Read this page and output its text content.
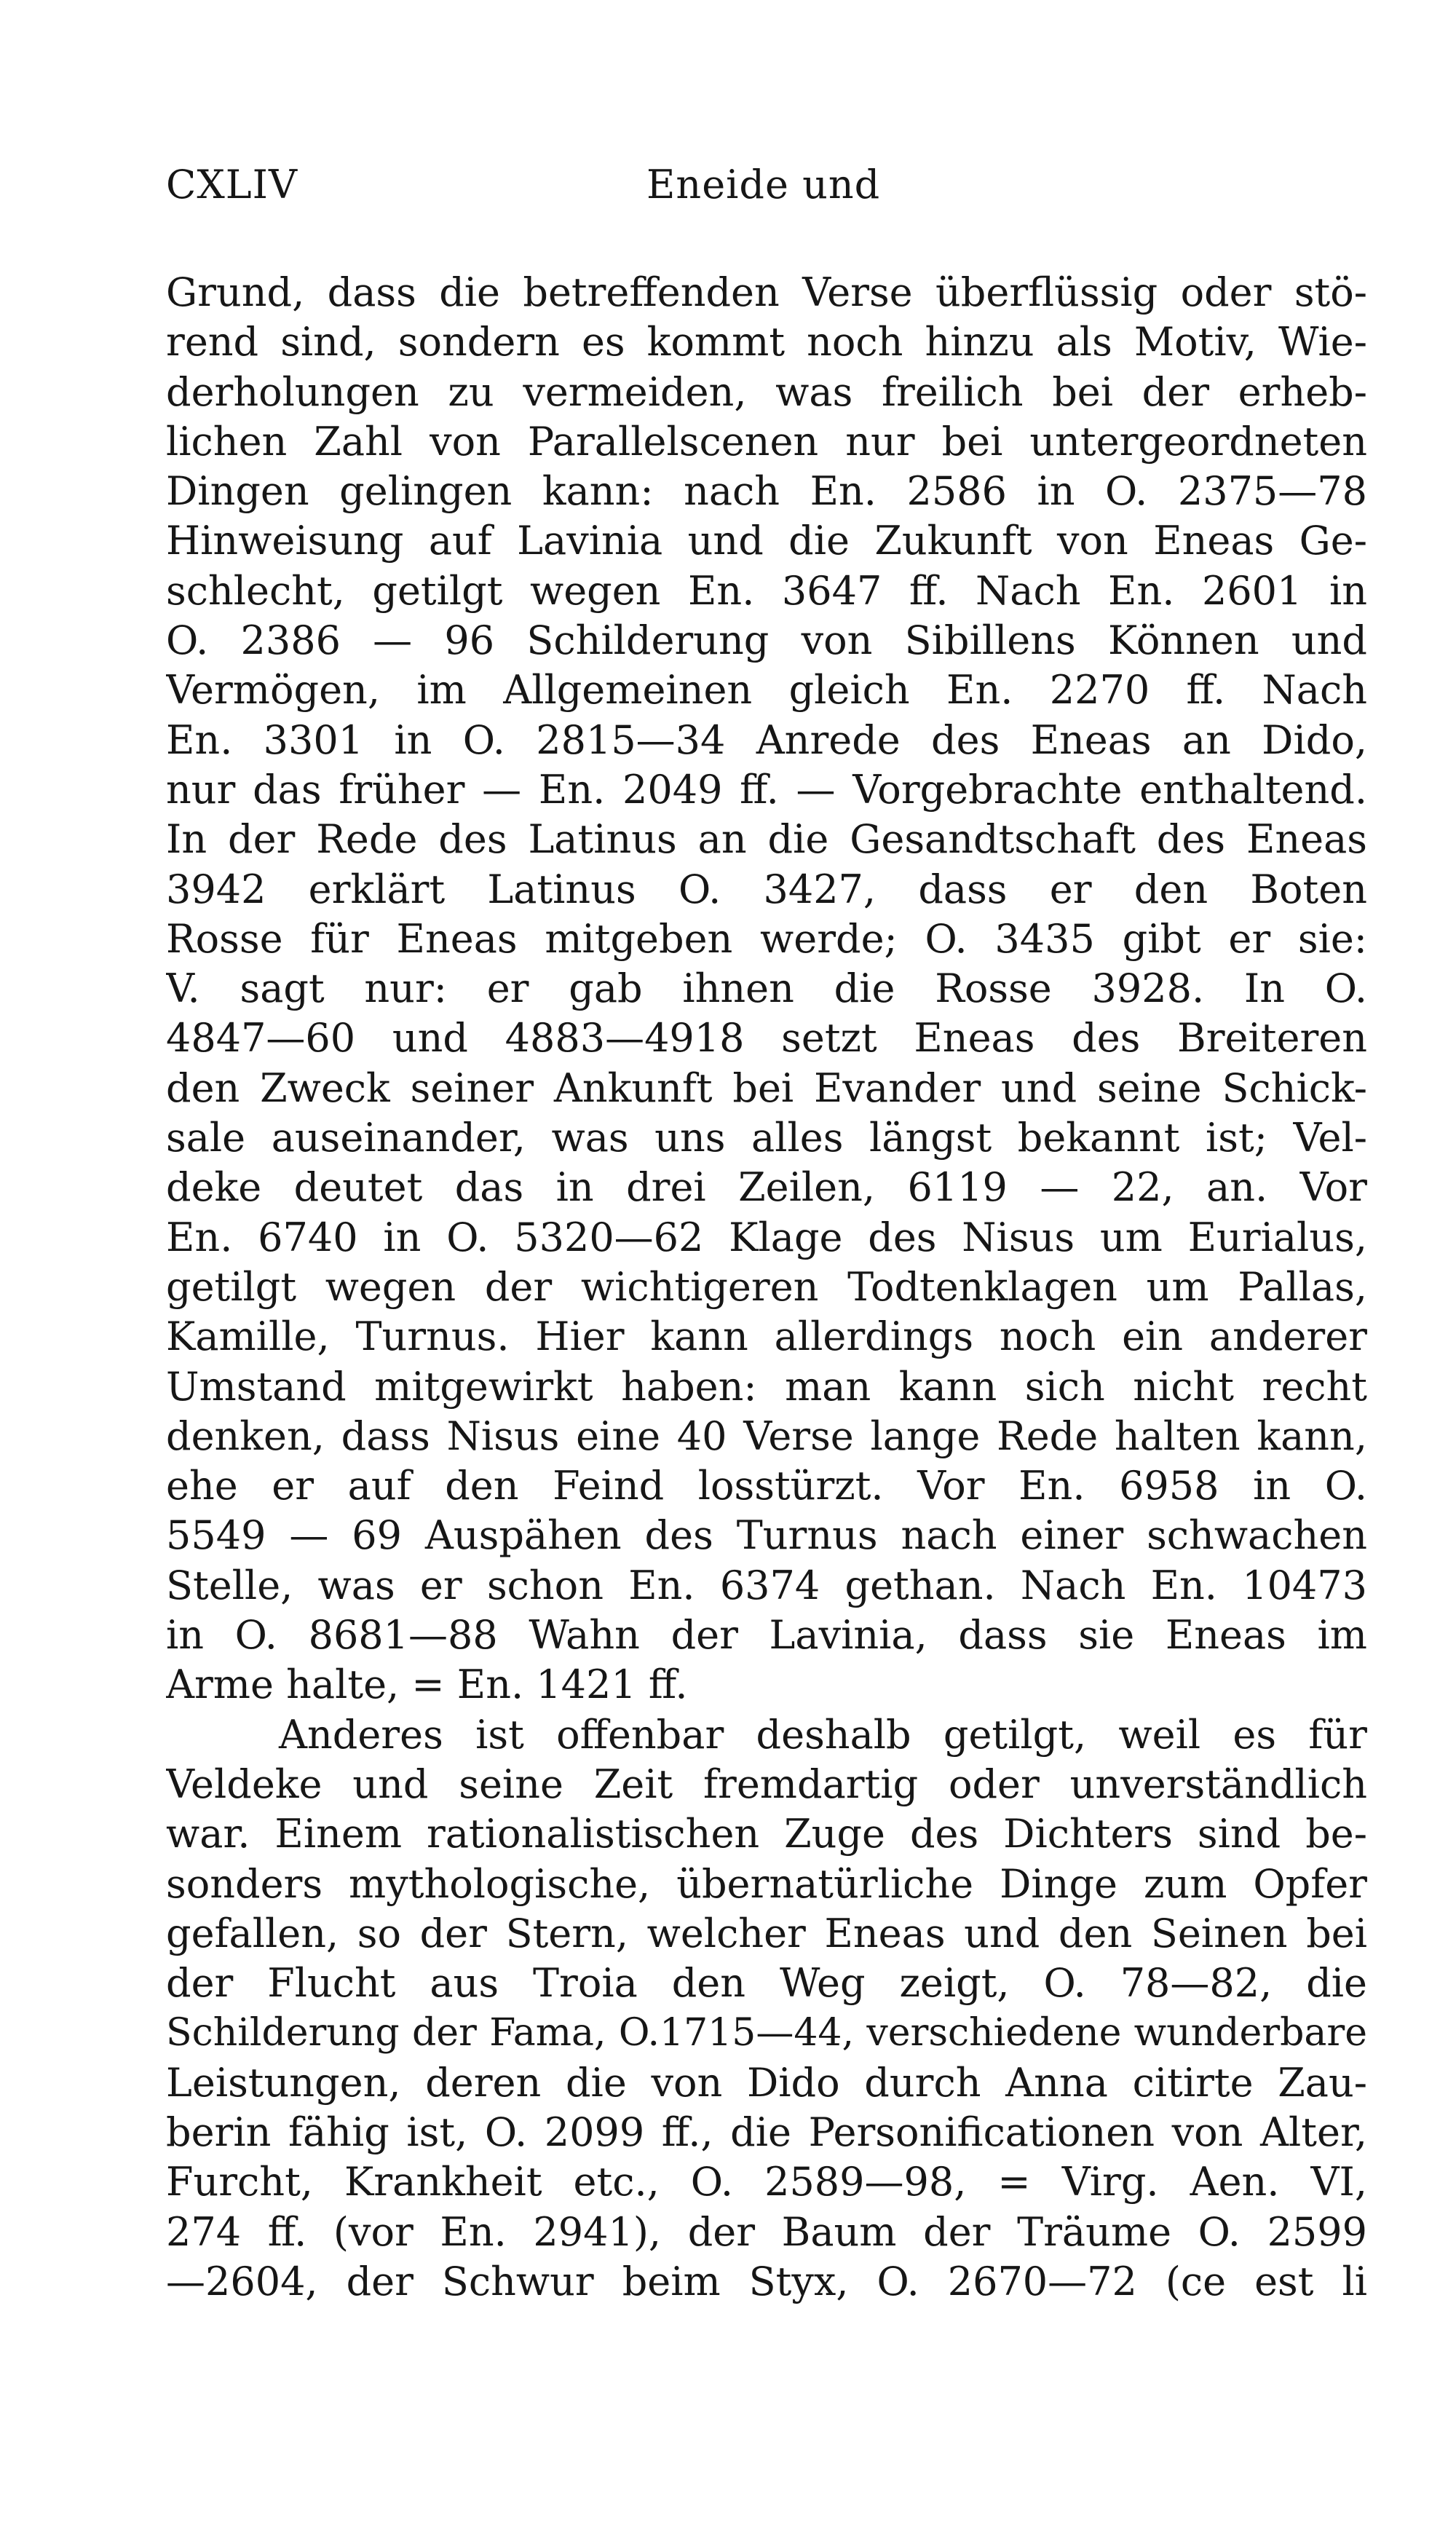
CXLIV	Eneide und
Grund, dass die betreffenden Verse überflüssig oder stö-
rend sind, sondern es kommt noch hinzu als Motiv, Wie-
derholungen zu vermeiden, was freilich bei der erheb-
lichen Zahl von Parallelscenen nur bei untergeordneten
Dingen gelingen kann: nach En. 2586 in O. 2375—78
Hinweisung auf Lavinia und die Zukunft von Eneas Ge-
schlecht, getilgt wegen En. 3647 ff. Nach En. 2601 in
O. 2386 — 96 Schilderung von Sibillens Können und
Vermögen, im Allgemeinen gleich En. 2270 ff. Nach
En. 3301 in O. 2815—34 Anrede des Eneas an Dido,
nur das früher — En. 2049 ff. — Vorgebrachte enthaltend.
In der Rede des Latinus an die Gesandtschaft des Eneas
3942 erklärt Latinus O. 3427, dass er den Boten
Rosse für Eneas mitgeben werde; O. 3435 gibt er sie:
V. sagt nur: er gab ihnen die Rosse 3928. In O.
4847—60 und 4883—4918 setzt Eneas des Breiteren
den Zweck seiner Ankunft bei Evander und seine Schick-
sale auseinander, was uns alles längst bekannt ist; Vel-
deke deutet das in drei Zeilen, 6119 — 22, an. Vor
En. 6740 in O. 5320—62 Klage des Nisus um Eurialus,
getilgt wegen der wichtigeren Todtenklagen um Pallas,
Kamille, Turnus. Hier kann allerdings noch ein anderer
Umstand mitgewirkt haben: man kann sich nicht recht
denken, dass Nisus eine 40 Verse lange Rede halten kann,
ehe er auf den Feind losstürzt. Vor En. 6958 in O.
5549 — 69 Auspähen des Turnus nach einer schwachen
Stelle, was er schon En. 6374 gethan. Nach En. 10473
in O. 8681—88 Wahn der Lavinia, dass sie Eneas im
Arme halte, = En. 1421 ff.
Anderes ist offenbar deshalb getilgt, weil es für
Veldeke und seine Zeit fremdartig oder unverständlich
war. Einem rationalistischen Zuge des Dichters sind be-
sonders mythologische, übernatürliche Dinge zum Opfer
gefallen, so der Stern, welcher Eneas und den Seinen bei
der Flucht aus Troia den Weg zeigt, O. 78—82, die
Schilderung der Fama, O.1715—44, verschiedene wunderbare
Leistungen, deren die von Dido durch Anna citirte Zau-
berin fähig ist, O. 2099 ff., die Personificationen von Alter,
Furcht, Krankheit etc., O. 2589—98, = Virg. Aen. VI,
274 ff. (vor En. 2941), der Baum der Träume O. 2599
—2604, der Schwur beim Styx, O. 2670—72 (ce est li
